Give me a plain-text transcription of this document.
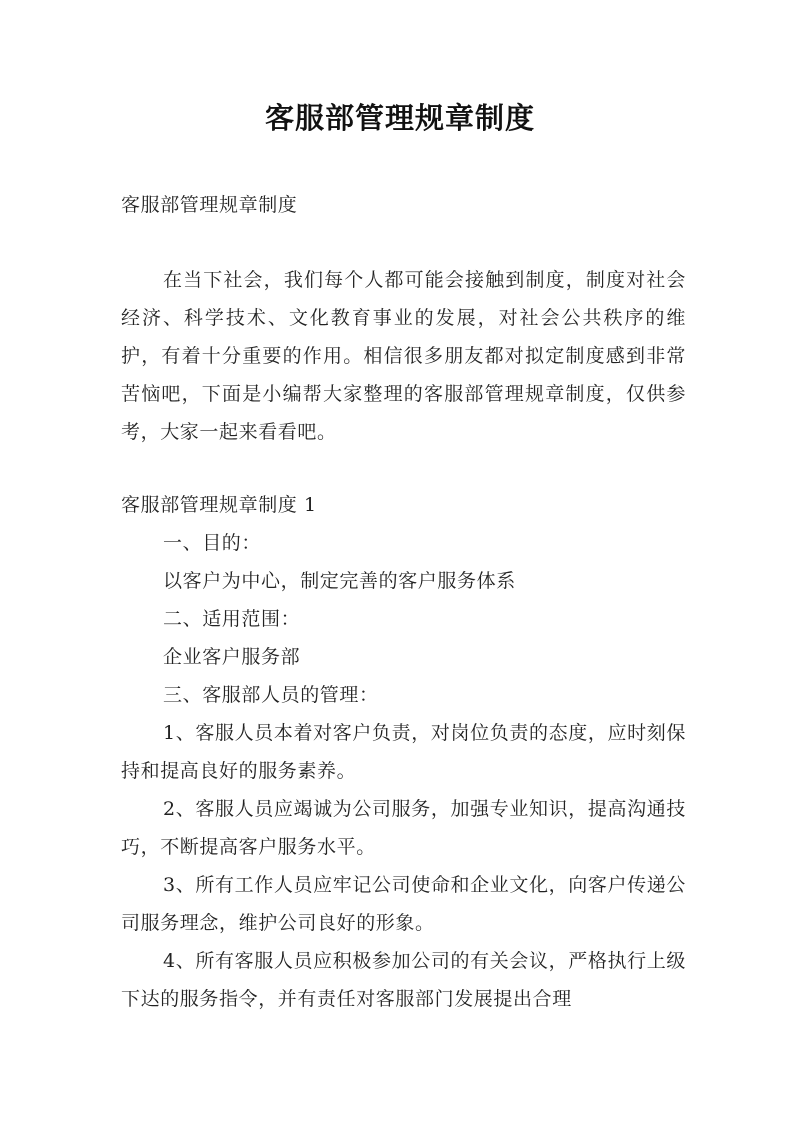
客服部管理规章制度
客服部管理规章制度
在当下社会，我们每个人都可能会接触到制度，制度对社会经济、科学技术、文化教育事业的发展，对社会公共秩序的维护，有着十分重要的作用。相信很多朋友都对拟定制度感到非常苦恼吧，下面是小编帮大家整理的客服部管理规章制度，仅供参考，大家一起来看看吧。
客服部管理规章制度 1

一、目的：

以客户为中心，制定完善的客户服务体系

二、适用范围：

企业客户服务部

三、客服部人员的管理：

1、客服人员本着对客户负责，对岗位负责的态度，应时刻保持和提高良好的服务素养。

2、客服人员应竭诚为公司服务，加强专业知识，提高沟通技巧，不断提高客户服务水平。

3、所有工作人员应牢记公司使命和企业文化，向客户传递公司服务理念，维护公司良好的形象。

4、所有客服人员应积极参加公司的有关会议，严格执行上级下达的服务指令，并有责任对客服部门发展提出合理
